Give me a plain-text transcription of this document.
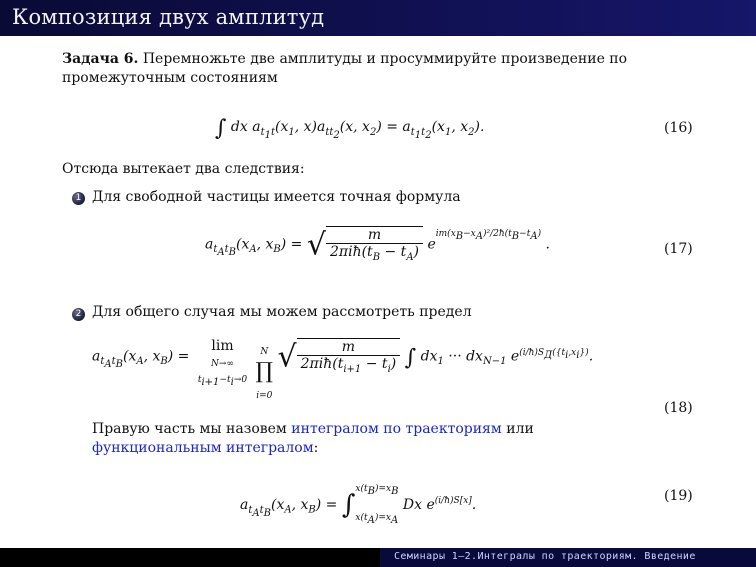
Композиция двух амплитуд
Задача 6. Перемножьте две амплитуды и просуммируйте произведение по промежуточным состояниям
∫ dx $a_{t_1t}(x_1$, $x)a_{tt_2}(x$, $x_2) = a_{t_1t_2}(x_1$, $x_2$).	(16)
Отсюда вытекает два следствия:
1 Для свободной частицы имеется точная формула
$a_{t_At_B}(x_A$, $x_B$) = √ $\frac{m}{2\pi iħ(t_B - t_A)} e^{im(x_B-x_A)^2/2ħ(t_B-t_A)}$ .	(17)
2 Для общего случая мы можем рассмотреть предел
$a_{t_At_B}(x_A$, $x_B) = \lim$
N→∞
$t_{i+1}-t_i\to 0$ N
∏
i=0 √ $\frac{m}{2\pi iħ(t_{i+1} - t_i)}$ ∫ $dx_1$ ··· $dx_{N-1}$ $e^{(i/ħ)S_Д(\{t_i,x_i\})}$.
(18)
Правую часть мы назовем интегралом по траекториям или функциональным интегралом:
$a_{t_At_B}(x_A$, $x_B) = \int x(t_B)=x_B$
$x(t_A)=x_A$ Dx $e^{(i/ħ)S[x]}$.
(19)
Семинары 1–2.Интегралы по траекториям. Введение
